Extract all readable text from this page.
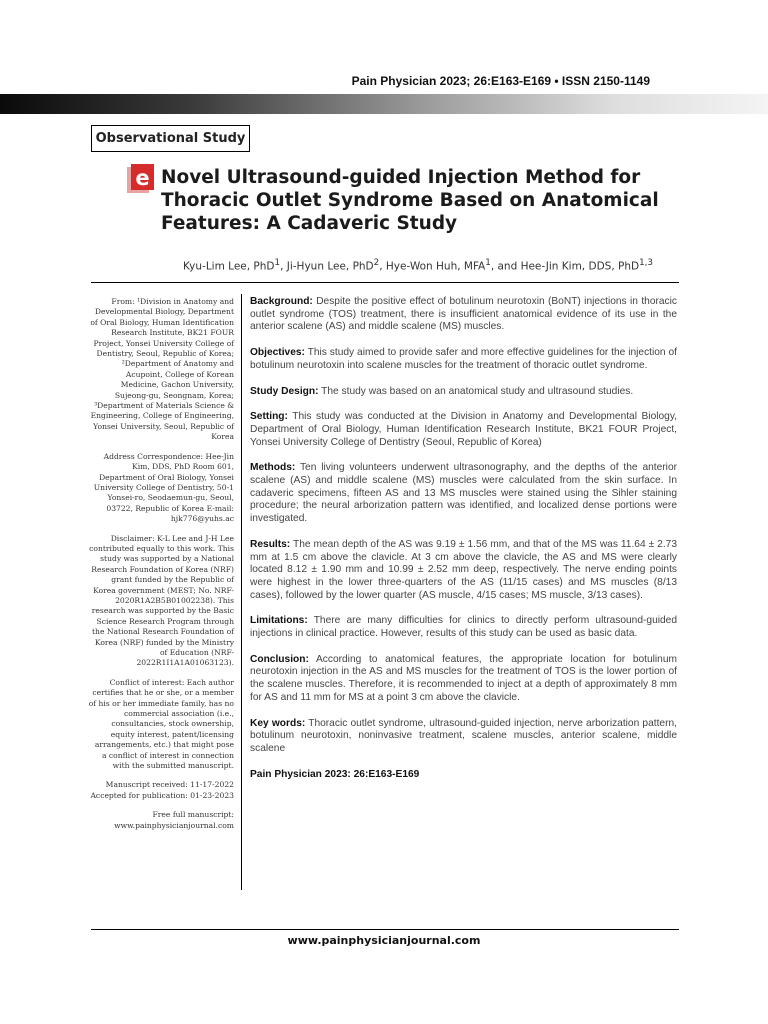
Pain Physician 2023; 26:E163-E169 • ISSN 2150-1149
Observational Study
e Novel Ultrasound-guided Injection Method for Thoracic Outlet Syndrome Based on Anatomical Features: A Cadaveric Study
Kyu-Lim Lee, PhD$^1$, Ji-Hyun Lee, PhD$^2$, Hye-Won Huh, MFA$^1$, and Hee-Jin Kim, DDS, PhD$^{1,3}$

From: ¹Division in Anatomy and Developmental Biology, Department of Oral Biology, Human Identification Research Institute, BK21 FOUR Project, Yonsei University College of Dentistry, Seoul, Republic of Korea; ²Department of Anatomy and Acupoint, College of Korean Medicine, Gachon University, Sujeong-gu, Seongnam, Korea; ³Department of Materials Science & Engineering, College of Engineering, Yonsei University, Seoul, Republic of Korea

Address Correspondence: Hee-Jin Kim, DDS, PhD Room 601, Department of Oral Biology, Yonsei University College of Dentistry, 50-1 Yonsei-ro, Seodaemun-gu, Seoul, 03722, Republic of Korea E-mail: hjk776@yuhs.ac

Disclaimer: K-L Lee and J-H Lee contributed equally to this work. This study was supported by a National Research Foundation of Korea (NRF) grant funded by the Republic of Korea government (MEST; No. NRF-2020R1A2B5B01002238). This research was supported by the Basic Science Research Program through the National Research Foundation of Korea (NRF) funded by the Ministry of Education (NRF-2022R1I1A1A01063123).

Conflict of interest: Each author certifies that he or she, or a member of his or her immediate family, has no commercial association (i.e., consultancies, stock ownership, equity interest, patent/licensing arrangements, etc.) that might pose a conflict of interest in connection with the submitted manuscript.

Manuscript received: 11-17-2022 Accepted for publication: 01-23-2023

Free full manuscript: www.painphysicianjournal.com

Background: Despite the positive effect of botulinum neurotoxin (BoNT) injections in thoracic outlet syndrome (TOS) treatment, there is insufficient anatomical evidence of its use in the anterior scalene (AS) and middle scalene (MS) muscles.

Objectives: This study aimed to provide safer and more effective guidelines for the injection of botulinum neurotoxin into scalene muscles for the treatment of thoracic outlet syndrome.

Study Design: The study was based on an anatomical study and ultrasound studies.

Setting: This study was conducted at the Division in Anatomy and Developmental Biology, Department of Oral Biology, Human Identification Research Institute, BK21 FOUR Project, Yonsei University College of Dentistry (Seoul, Republic of Korea)

Methods: Ten living volunteers underwent ultrasonography, and the depths of the anterior scalene (AS) and middle scalene (MS) muscles were calculated from the skin surface. In cadaveric specimens, fifteen AS and 13 MS muscles were stained using the Sihler staining procedure; the neural arborization pattern was identified, and localized dense portions were investigated.

Results: The mean depth of the AS was 9.19 ± 1.56 mm, and that of the MS was 11.64 ± 2.73 mm at 1.5 cm above the clavicle. At 3 cm above the clavicle, the AS and MS were clearly located 8.12 ± 1.90 mm and 10.99 ± 2.52 mm deep, respectively. The nerve ending points were highest in the lower three-quarters of the AS (11/15 cases) and MS muscles (8/13 cases), followed by the lower quarter (AS muscle, 4/15 cases; MS muscle, 3/13 cases).

Limitations: There are many difficulties for clinics to directly perform ultrasound-guided injections in clinical practice. However, results of this study can be used as basic data.

Conclusion: According to anatomical features, the appropriate location for botulinum neurotoxin injection in the AS and MS muscles for the treatment of TOS is the lower portion of the scalene muscles. Therefore, it is recommended to inject at a depth of approximately 8 mm for AS and 11 mm for MS at a point 3 cm above the clavicle.

Key words: Thoracic outlet syndrome, ultrasound-guided injection, nerve arborization pattern, botulinum neurotoxin, noninvasive treatment, scalene muscles, anterior scalene, middle scalene

Pain Physician 2023: 26:E163-E169

www.painphysicianjournal.com
